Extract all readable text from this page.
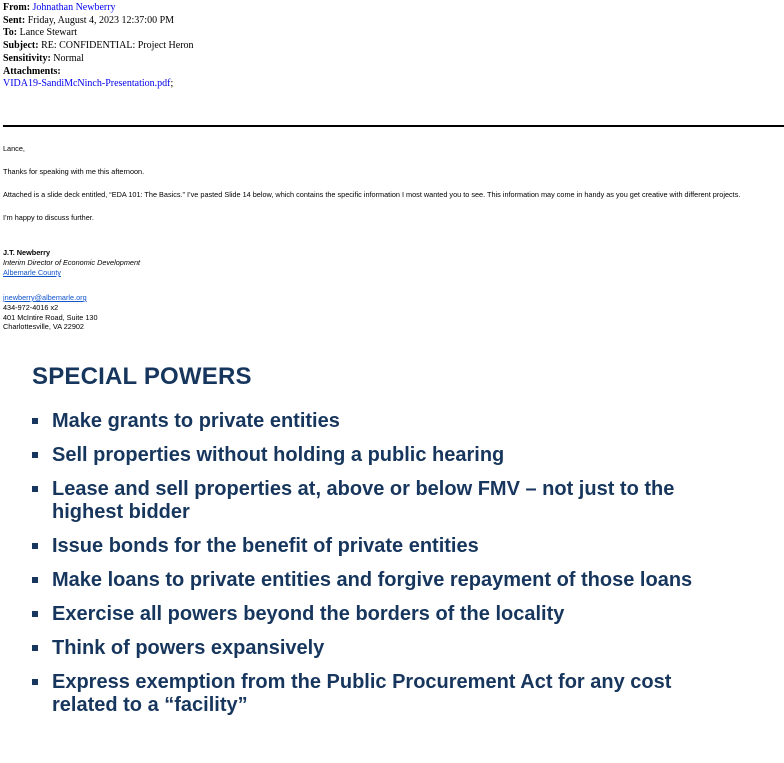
From: Johnathan Newberry
Sent: Friday, August 4, 2023 12:37:00 PM
To: Lance Stewart
Subject: RE: CONFIDENTIAL: Project Heron
Sensitivity: Normal
Attachments:
VIDA19-SandiMcNinch-Presentation.pdf;

Lance,

Thanks for speaking with me this afternoon.

Attached is a slide deck entitled, “EDA 101: The Basics.” I’ve pasted Slide 14 below, which contains the specific information I most wanted you to see. This information may come in handy as you get creative with different projects.

I’m happy to discuss further.

J.T. Newberry
Interim Director of Economic Development
Albemarle County
jnewberry@albemarle.org
434-972-4016 x2
401 McIntire Road, Suite 130
Charlottesville, VA 22902
SPECIAL POWERS
Make grants to private entities
Sell properties without holding a public hearing
Lease and sell properties at, above or below FMV – not just to the highest bidder
Issue bonds for the benefit of private entities
Make loans to private entities and forgive repayment of those loans
Exercise all powers beyond the borders of the locality
Think of powers expansively
Express exemption from the Public Procurement Act for any cost related to a “facility”
